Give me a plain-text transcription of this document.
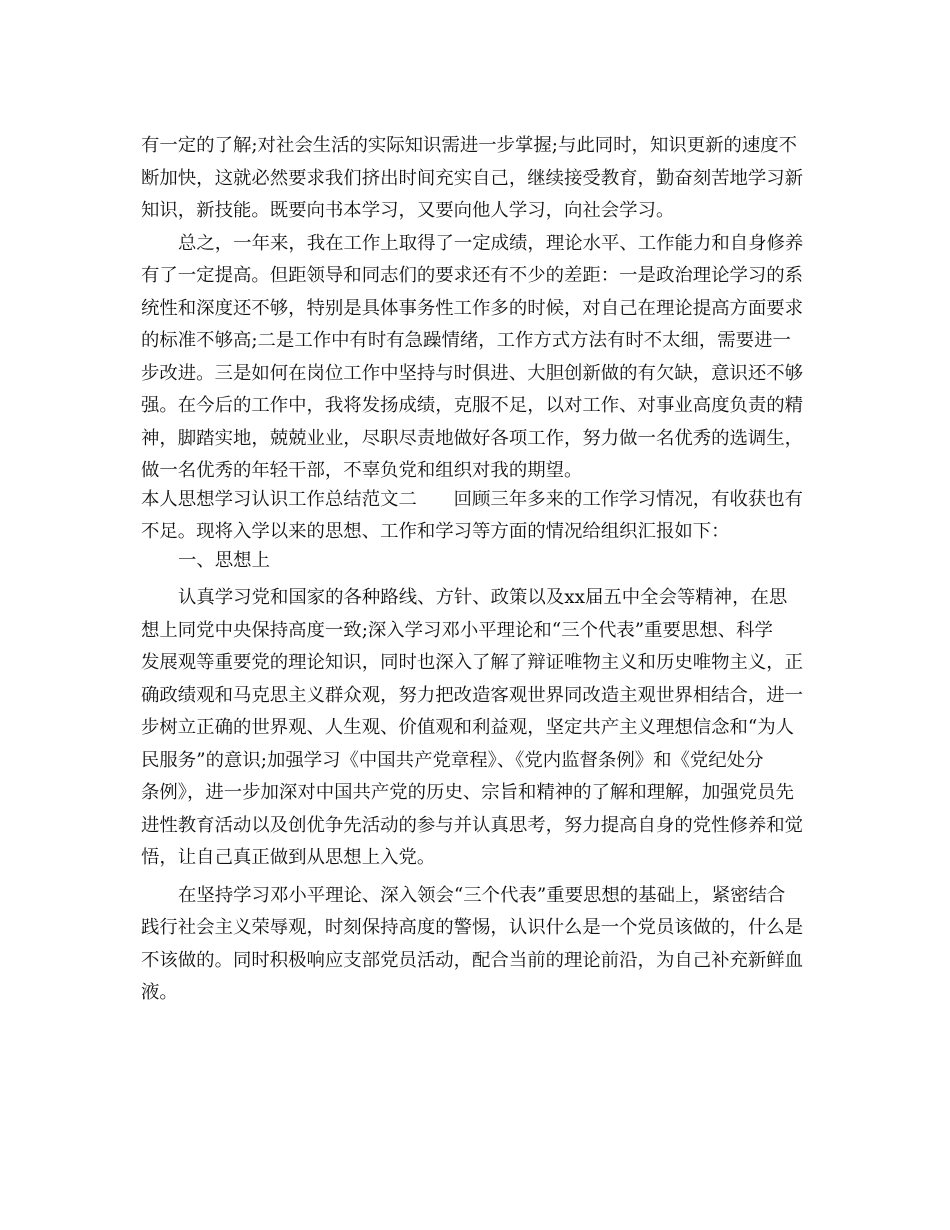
有一定的了解;对社会生活的实际知识需进一步掌握;与此同时，知识更新的速度不
断加快，这就必然要求我们挤出时间充实自己，继续接受教育，勤奋刻苦地学习新
知识，新技能。既要向书本学习，又要向他人学习，向社会学习。
总之，一年来，我在工作上取得了一定成绩，理论水平、工作能力和自身修养
有了一定提高。但距领导和同志们的要求还有不少的差距：一是政治理论学习的系
统性和深度还不够，特别是具体事务性工作多的时候，对自己在理论提高方面要求
的标准不够高;二是工作中有时有急躁情绪，工作方式方法有时不太细，需要进一
步改进。三是如何在岗位工作中坚持与时俱进、大胆创新做的有欠缺，意识还不够
强。在今后的工作中，我将发扬成绩，克服不足，以对工作、对事业高度负责的精
神，脚踏实地，兢兢业业，尽职尽责地做好各项工作，努力做一名优秀的选调生，
做一名优秀的年轻干部，不辜负党和组织对我的期望。
本人思想学习认识工作总结范文二　　回顾三年多来的工作学习情况，有收获也有
不足。现将入学以来的思想、工作和学习等方面的情况给组织汇报如下：
一、思想上
认真学习党和国家的各种路线、方针、政策以及xx届五中全会等精神，在思
想上同党中央保持高度一致;深入学习邓小平理论和“三个代表”重要思想、科学
发展观等重要党的理论知识，同时也深入了解了辩证唯物主义和历史唯物主义，正
确政绩观和马克思主义群众观，努力把改造客观世界同改造主观世界相结合，进一
步树立正确的世界观、人生观、价值观和利益观，坚定共产主义理想信念和“为人
民服务”的意识;加强学习《中国共产党章程》、《党内监督条例》和《党纪处分
条例》，进一步加深对中国共产党的历史、宗旨和精神的了解和理解，加强党员先
进性教育活动以及创优争先活动的参与并认真思考，努力提高自身的党性修养和觉
悟，让自己真正做到从思想上入党。
在坚持学习邓小平理论、深入领会“三个代表”重要思想的基础上，紧密结合
践行社会主义荣辱观，时刻保持高度的警惕，认识什么是一个党员该做的，什么是
不该做的。同时积极响应支部党员活动，配合当前的理论前沿，为自己补充新鲜血
液。
